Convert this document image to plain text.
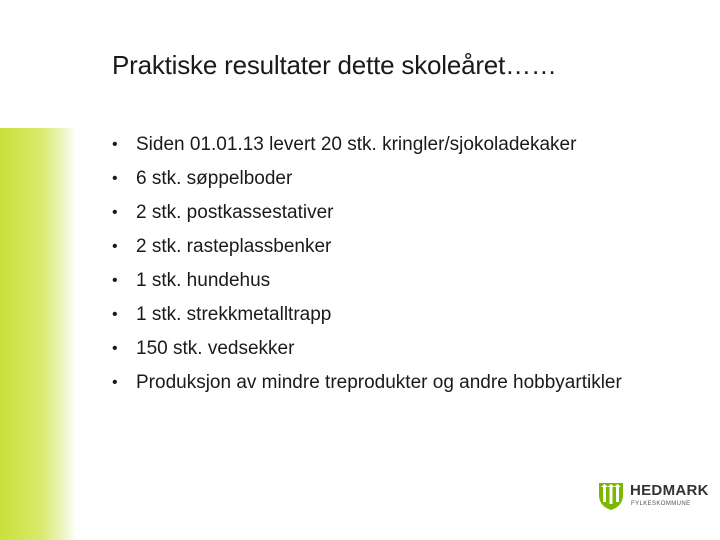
Praktiske resultater dette skoleåret……
• Siden 01.01.13 levert 20 stk. kringler/sjokoladekaker
• 6 stk. søppelboder
• 2 stk. postkassestativer
• 2 stk. rasteplassbenker
• 1 stk. hundehus
• 1 stk. strekkmetalltrapp
• 150 stk. vedsekker
• Produksjon av mindre treprodukter og andre hobbyartikler
HEDMARK
FYLKESKOMMUNE
